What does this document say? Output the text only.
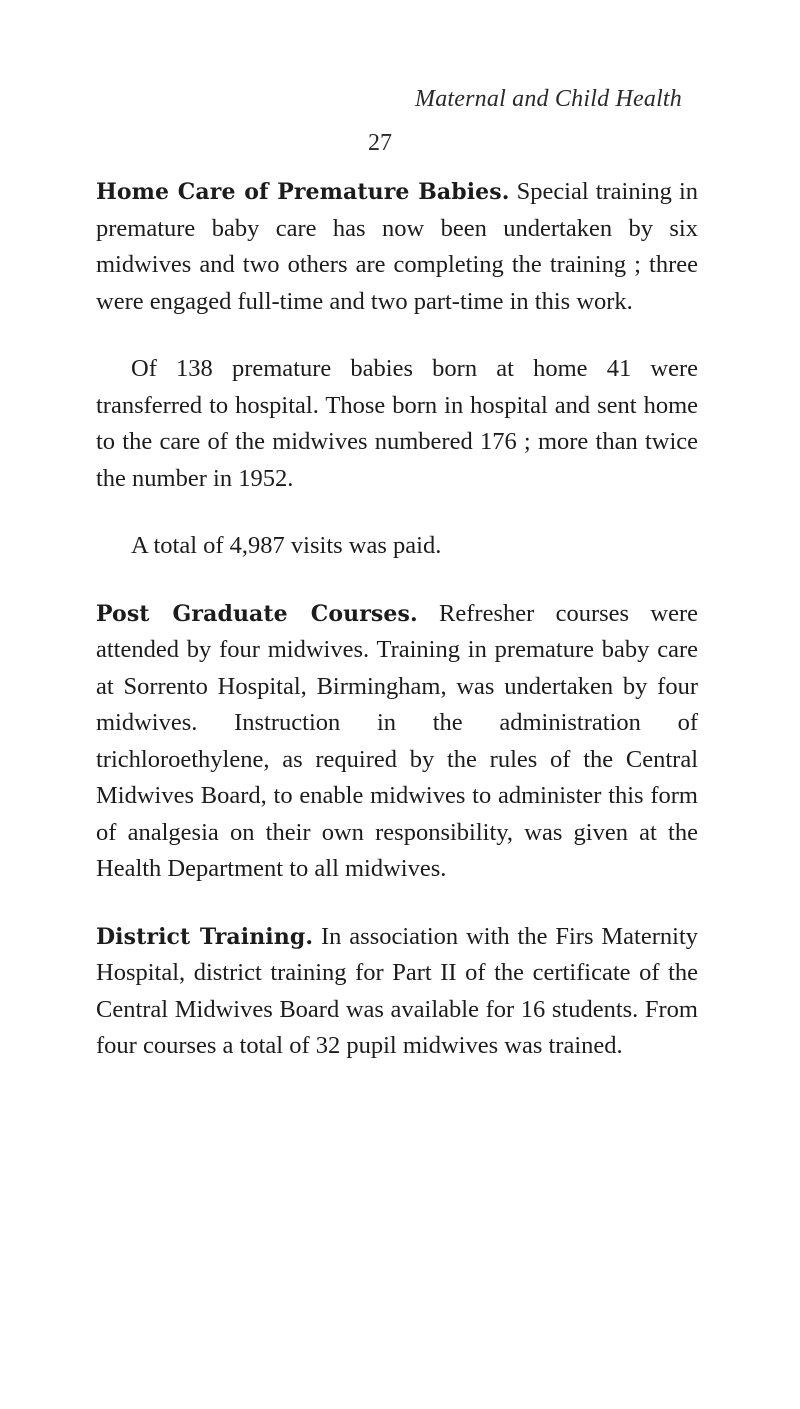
Maternal and Child Health
27

Home Care of Premature Babies. Special training in premature baby care has now been undertaken by six midwives and two others are completing the training ; three were engaged full-time and two part-time in this work.

Of 138 premature babies born at home 41 were transferred to hospital. Those born in hospital and sent home to the care of the midwives numbered 176 ; more than twice the number in 1952.

A total of 4,987 visits was paid.

Post Graduate Courses. Refresher courses were attended by four midwives. Training in premature baby care at Sorrento Hospital, Birmingham, was undertaken by four midwives. Instruction in the administration of trichloroethylene, as required by the rules of the Central Midwives Board, to enable midwives to administer this form of analgesia on their own responsibility, was given at the Health Department to all midwives.

District Training. In association with the Firs Maternity Hospital, district training for Part II of the certificate of the Central Midwives Board was available for 16 students. From four courses a total of 32 pupil midwives was trained.
